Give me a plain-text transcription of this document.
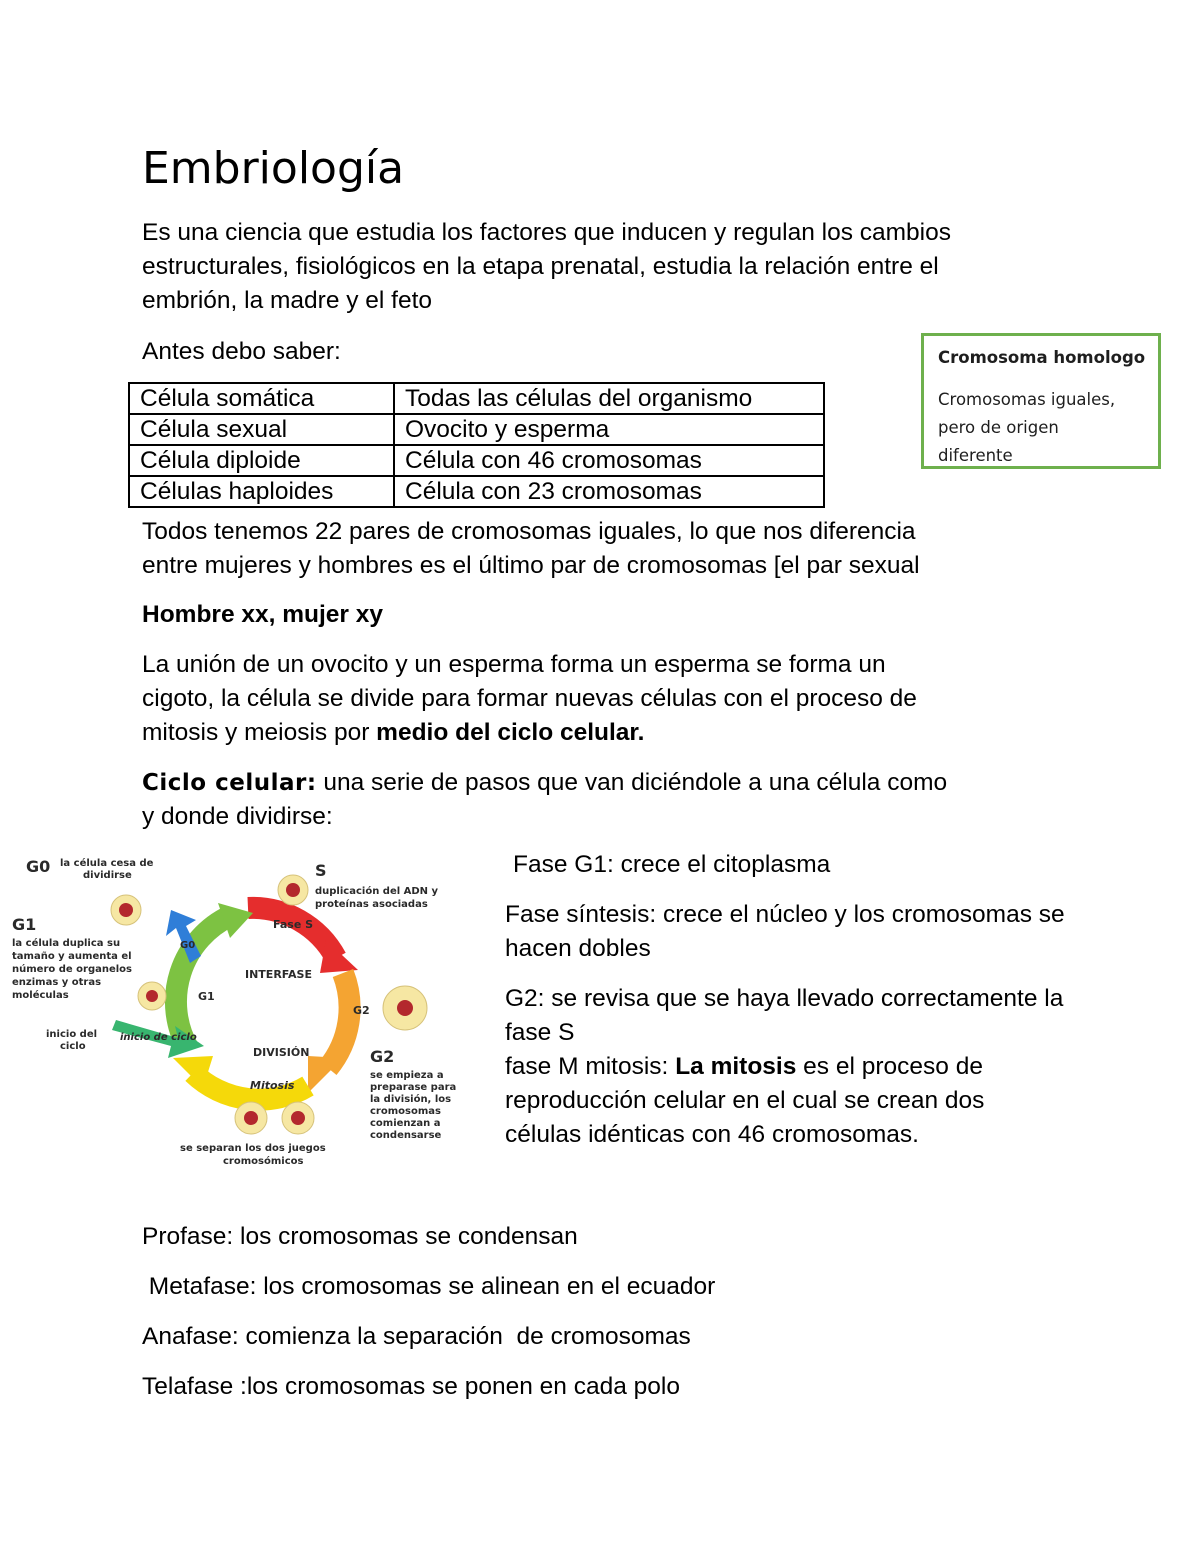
Embriología
Es una ciencia que estudia los factores que inducen y regulan los cambios
estructurales, fisiológicos en la etapa prenatal, estudia la relación entre el
embrión, la madre y el feto
Antes debo saber:
Célula somática	Todas las células del organismo
Célula sexual	Ovocito y esperma
Célula diploide	Célula con 46 cromosomas
Células haploides	Célula con 23 cromosomas
Cromosoma homologo
Cromosomas iguales,
pero de origen
diferente
Todos tenemos 22 pares de cromosomas iguales, lo que nos diferencia
entre mujeres y hombres es el último par de cromosomas [el par sexual
Hombre xx, mujer xy
La unión de un ovocito y un esperma forma un esperma se forma un
cigoto, la célula se divide para formar nuevas células con el proceso de
mitosis y meiosis por medio del ciclo celular.
Ciclo celular: una serie de pasos que van diciéndole a una célula como
y donde dividirse:
Fase S
INTERFASE
DIVISIÓN
Mitosis
G1
G2
G0
inicio de ciclo
G0 la célula cesa de
dividirse
G1
la célula duplica su
tamaño y aumenta el
número de organelos
enzimas y otras
moléculas
inicio del
ciclo
S
duplicación del ADN y
proteínas asociadas
G2
se empieza a
preparase para
la división, los
cromosomas
comienzan a
condensarse
se separan los dos juegos
cromosómicos

Fase G1: crece el citoplasma

Fase síntesis: crece el núcleo y los cromosomas se hacen dobles

G2: se revisa que se haya llevado correctamente la fase S
fase M mitosis: La mitosis es el proceso de reproducción celular en el cual se crean dos células idénticas con 46 cromosomas.

Profase: los cromosomas se condensan

Metafase: los cromosomas se alinean en el ecuador

Anafase: comienza la separación  de cromosomas

Telafase :los cromosomas se ponen en cada polo
